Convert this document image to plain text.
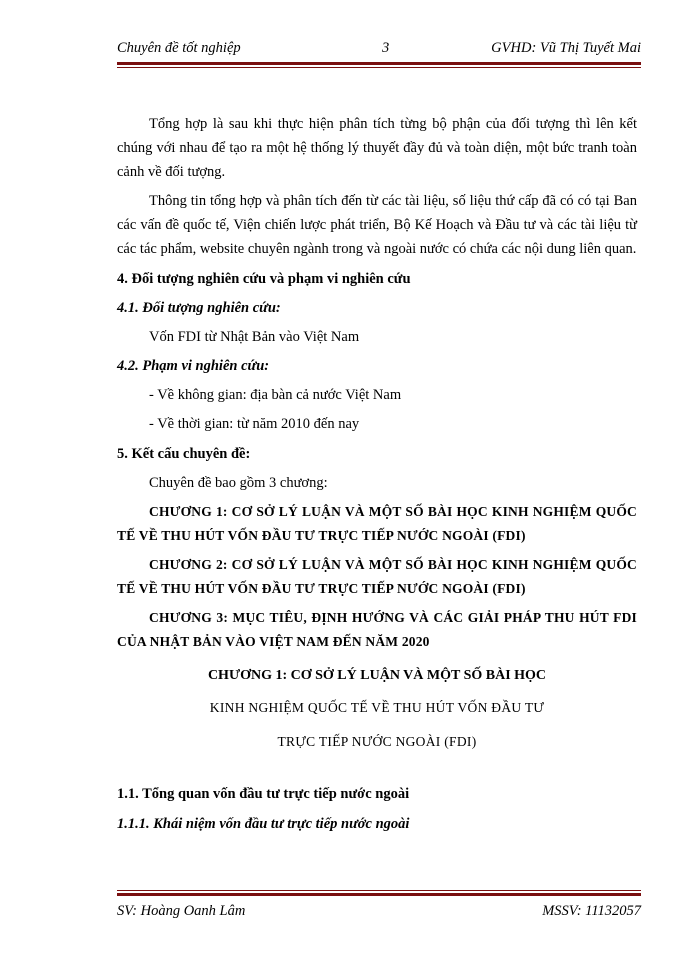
Chuyên đề tốt nghiệp	3	GVHD: Vũ Thị Tuyết Mai

Tổng hợp là sau khi thực hiện phân tích từng bộ phận của đối tượng thì lên kết chúng với nhau để tạo ra một hệ thống lý thuyết đầy đủ và toàn diện, một bức tranh toàn cảnh về đối tượng.

Thông tin tổng hợp và phân tích đến từ các tài liệu, số liệu thứ cấp đã có có tại Ban các vấn đề quốc tế, Viện chiến lược phát triển, Bộ Kế Hoạch và Đầu tư và các tài liệu từ các tác phẩm, website chuyên ngành trong và ngoài nước có chứa các nội dung liên quan.

4. Đối tượng nghiên cứu và phạm vi nghiên cứu

4.1. Đối tượng nghiên cứu:

Vốn FDI từ Nhật Bản vào Việt Nam

4.2. Phạm vi nghiên cứu:

- Về không gian: địa bàn cả nước Việt Nam

- Về thời gian: từ năm 2010 đến nay

5. Kết cấu chuyên đề:

Chuyên đề bao gồm 3 chương:

CHƯƠNG 1: CƠ SỞ LÝ LUẬN VÀ MỘT SỐ BÀI HỌC KINH NGHIỆM QUỐC TẾ VỀ THU HÚT VỐN ĐẦU TƯ TRỰC TIẾP NƯỚC NGOÀI (FDI)

CHƯƠNG 2: CƠ SỞ LÝ LUẬN VÀ MỘT SỐ BÀI HỌC KINH NGHIỆM QUỐC TẾ VỀ THU HÚT VỐN ĐẦU TƯ TRỰC TIẾP NƯỚC NGOÀI (FDI)

CHƯƠNG 3: MỤC TIÊU, ĐỊNH HƯỚNG VÀ CÁC GIẢI PHÁP THU HÚT FDI CỦA NHẬT BẢN VÀO VIỆT NAM ĐẾN NĂM 2020

CHƯƠNG 1: CƠ SỞ LÝ LUẬN VÀ MỘT SỐ BÀI HỌC

KINH NGHIỆM QUỐC TẾ VỀ THU HÚT VỐN ĐẦU TƯ

TRỰC TIẾP NƯỚC NGOÀI (FDI)

1.1. Tổng quan vốn đầu tư trực tiếp nước ngoài

1.1.1. Khái niệm vốn đầu tư trực tiếp nước ngoài

SV: Hoàng Oanh Lâm	MSSV: 11132057
